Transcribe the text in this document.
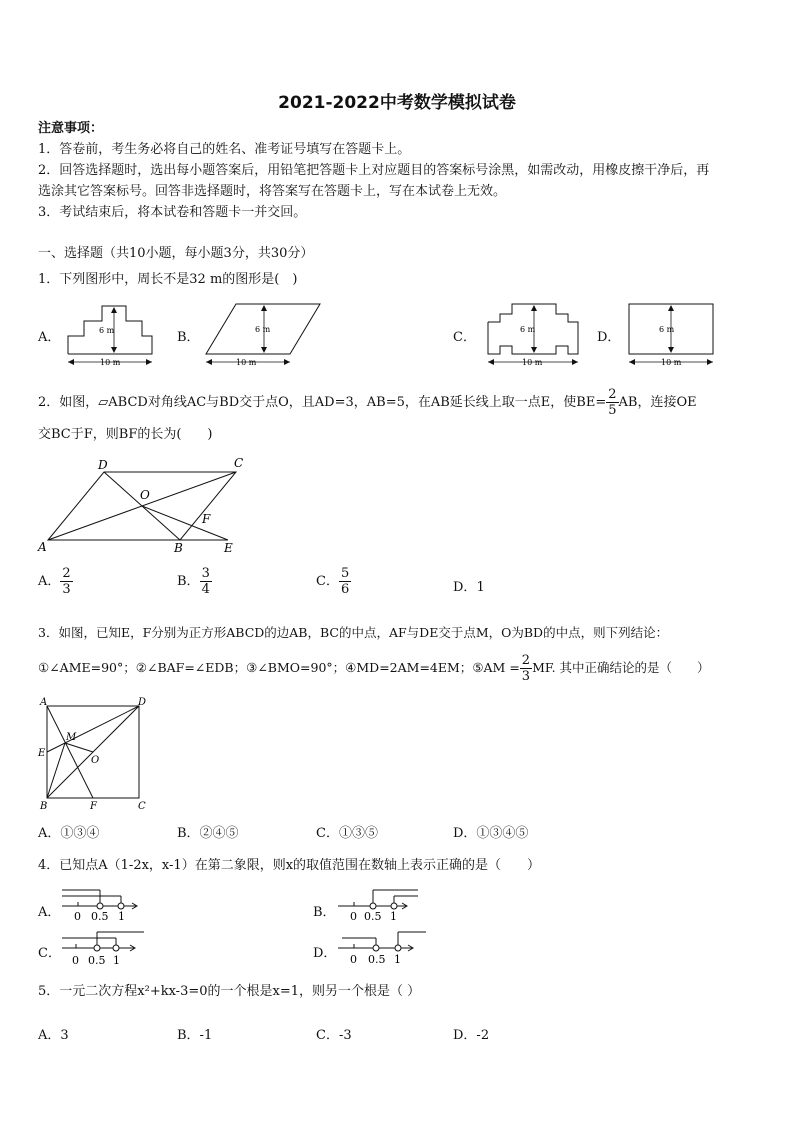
2021-2022中考数学模拟试卷
注意事项：
1．答卷前，考生务必将自己的姓名、准考证号填写在答题卡上。
2．回答选择题时，选出每小题答案后，用铅笔把答题卡上对应题目的答案标号涂黑，如需改动，用橡皮擦干净后，再
选涂其它答案标号。回答非选择题时，将答案写在答题卡上，写在本试卷上无效。
3．考试结束后，将本试卷和答题卡一并交回。
一、选择题（共10小题，每小题3分，共30分）
1．下列图形中，周长不是32 m的图形是(　)
A．	B．	C．	D．
6 m
10 m
6 m
10 m
6 m
10 m
6 m
10 m
2．如图，▱ABCD对角线AC与BD交于点O，且AD=3，AB=5，在AB延长线上取一点E，使$BE= \frac{2}{5}$ AB，连接OE
交BC于F，则BF的长为(　　)
A
D	C
B	E
F
O
A． $\frac{2}{3}$	B． $\frac{3}{4}$	C． $\frac{5}{6}$	D．1
3．如图，已知E，F分别为正方形ABCD的边AB，BC的中点，AF与DE交于点M，O为BD的中点，则下列结论：
①∠AME=90°；②∠BAF=∠EDB；③∠BMO=90°；④MD=2AM=4EM；⑤AM = $\frac{2}{3}$ MF. 其中正确结论的是（　　）
A	D
B	C
E
F
M
O
A．①③④	B．②④⑤	C．①③⑤	D．①③④⑤
4．已知点A（1-2x，x-1）在第二象限，则x的取值范围在数轴上表示正确的是（　　）
A．	B．
C．	D．
0 0.5 1	0 0.5 1
0 0.5 1	0 0.5 1
5．一元二次方程x²+kx-3=0的一个根是x=1，则另一个根是（ ）
A．3	B．-1	C．-3	D．-2
